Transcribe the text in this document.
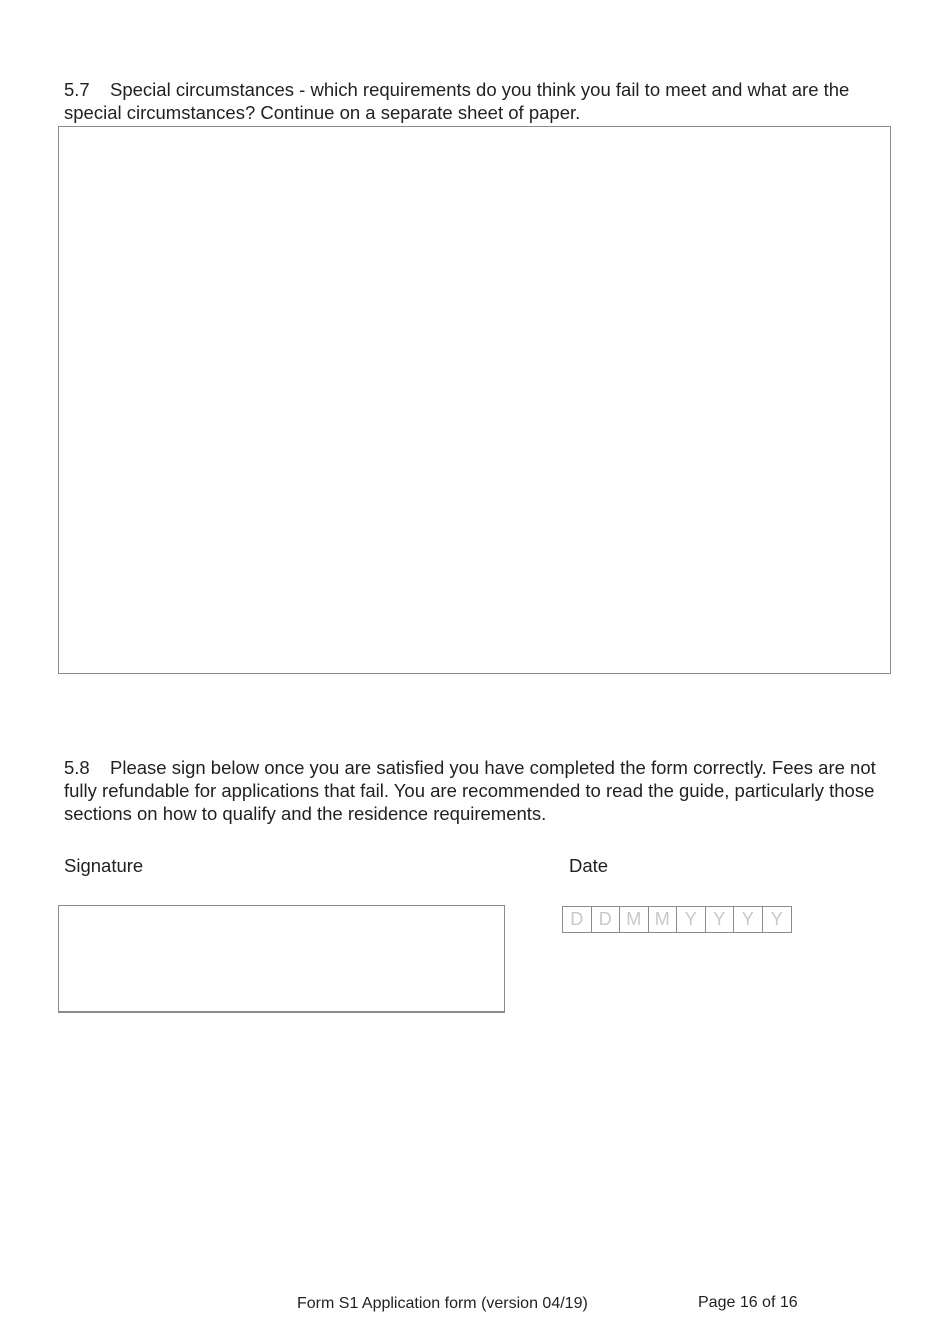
5.7 Special circumstances - which requirements do you think you fail to meet and what are the special circumstances? Continue on a separate sheet of paper.
5.8 Please sign below once you are satisfied you have completed the form correctly. Fees are not fully refundable for applications that fail. You are recommended to read the guide, particularly those sections on how to qualify and the residence requirements.
Signature	Date
D D M M Y Y Y Y
Form S1 Application form (version 04/19)	Page 16 of 16
